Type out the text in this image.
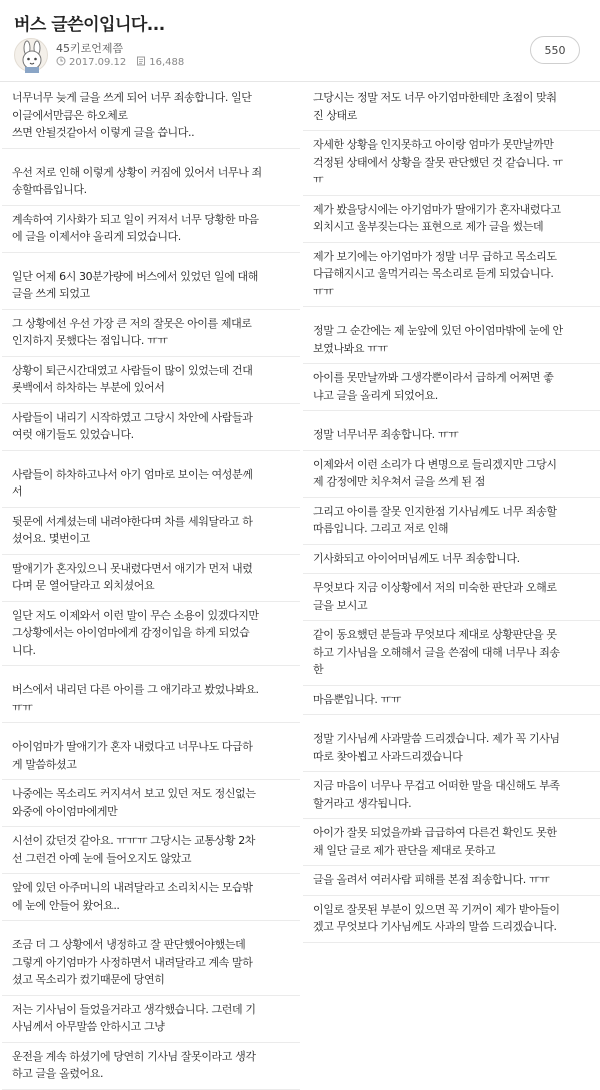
버스 글쓴이입니다...
45키로언제쯤
2017.09.12 16,488
550
너무너무 늦게 글을 쓰게 되어 너무 죄송합니다. 일단
이글에서만큼은 하오체로
쓰면 안될것같아서 이렇게 글을 씁니다..
우선 저로 인해 이렇게 상황이 커짐에 있어서 너무나 죄
송할따름입니다.
계속하여 기사화가 되고 일이 커져서 너무 당황한 마음
에 글을 이제서야 올리게 되었습니다.
일단 어제 6시 30분가량에 버스에서 있었던 일에 대해
글을 쓰게 되었고
그 상황에선 우선 가장 큰 저의 잘못은 아이를 제대로
인지하지 못했다는 점입니다. ㅠㅠ
상황이 퇴근시간대였고 사람들이 많이 있었는데 건대
롯백에서 하차하는 부분에 있어서
사람들이 내리기 시작하였고 그당시 차안에 사람들과
여럿 얘기들도 있었습니다.
사람들이 하차하고나서 아기 엄마로 보이는 여성분께
서
뒷문에 서계셨는데 내려야한다며 차를 세워달라고 하
셨어요. 몇번이고
딸애기가 혼자있으니 못내렸다면서 애기가 먼저 내렸
다며 문 열어달라고 외치셨어요
일단 저도 이제와서 이런 말이 무슨 소용이 있겠다지만
그상황에서는 아이엄마에게 감정이입을 하게 되었습
니다.
버스에서 내리던 다른 아이를 그 애기라고 봤었나봐요.
ㅠㅠ
아이엄마가 딸애기가 혼자 내렸다고 너무나도 다급하
게 말씀하셨고
나중에는 목소리도 커지셔서 보고 있던 저도 정신없는
와중에 아이엄마에게만
시선이 갔던것 같아요. ㅠㅠㅠ 그당시는 교통상황 2차
선 그런건 아예 눈에 들어오지도 않았고
앞에 있던 아주머니의 내려달라고 소리치시는 모습밖
에 눈에 안들어 왔어요..
조금 더 그 상황에서 냉정하고 잘 판단했어야했는데
그렇게 아기엄마가 사정하면서 내려달라고 계속 말하
셨고 목소리가 컸기때문에 당연히
저는 기사님이 들었을거라고 생각했습니다. 그런데 기
사님께서 아무말씀 안하시고 그냥
운전을 계속 하셨기에 당연히 기사님 잘못이라고 생각
하고 글을 올렸어요.
그당시는 정말 저도 너무 아기엄마한테만 초점이 맞춰
진 상태로
자세한 상황을 인지못하고 아이랑 엄마가 못만날까만
걱정된 상태에서 상황을 잘못 판단했던 것 같습니다. ㅠ
ㅠ
제가 봤을당시에는 아기엄마가 딸애기가 혼자내렸다고
외치시고 울부짖는다는 표현으로 제가 글을 썼는데
제가 보기에는 아기엄마가 정말 너무 급하고 목소리도
다급해지시고 울먹거리는 목소리로 듣게 되었습니다.
ㅠㅠ
정말 그 순간에는 제 눈앞에 있던 아이엄마밖에 눈에 안
보였나봐요 ㅠㅠ
아이를 못만날까봐 그생각뿐이라서 급하게 어쩌면 좋
냐고 글을 올리게 되었어요.
정말 너무너무 죄송합니다. ㅠㅠ
이제와서 이런 소리가 다 변명으로 들리겠지만 그당시
제 감정에만 치우쳐서 글을 쓰게 된 점
그리고 아이를 잘못 인지한점 기사님께도 너무 죄송할
따름입니다. 그리고 저로 인해
기사화되고 아이어머님께도 너무 죄송합니다.
무엇보다 지금 이상황에서 저의 미숙한 판단과 오해로
글을 보시고
같이 동요했던 분들과 무엇보다 제대로 상황판단을 못
하고 기사님을 오해해서 글을 쓴점에 대해 너무나 죄송
한
마음뿐입니다. ㅠㅠ
정말 기사님께 사과말씀 드리겠습니다. 제가 꼭 기사님
따로 찾아뵙고 사과드리겠습니다
지금 마음이 너무나 무겁고 어떠한 말을 대신해도 부족
할거라고 생각됩니다.
아이가 잘못 되었을까봐 급급하여 다른건 확인도 못한
채 일단 글로 제가 판단을 제대로 못하고
글을 올려서 여러사람 피해를 본점 죄송합니다. ㅠㅠ
이일로 잘못된 부분이 있으면 꼭 기꺼이 제가 받아들이
겠고 무엇보다 기사님께도 사과의 말씀 드리겠습니다.
